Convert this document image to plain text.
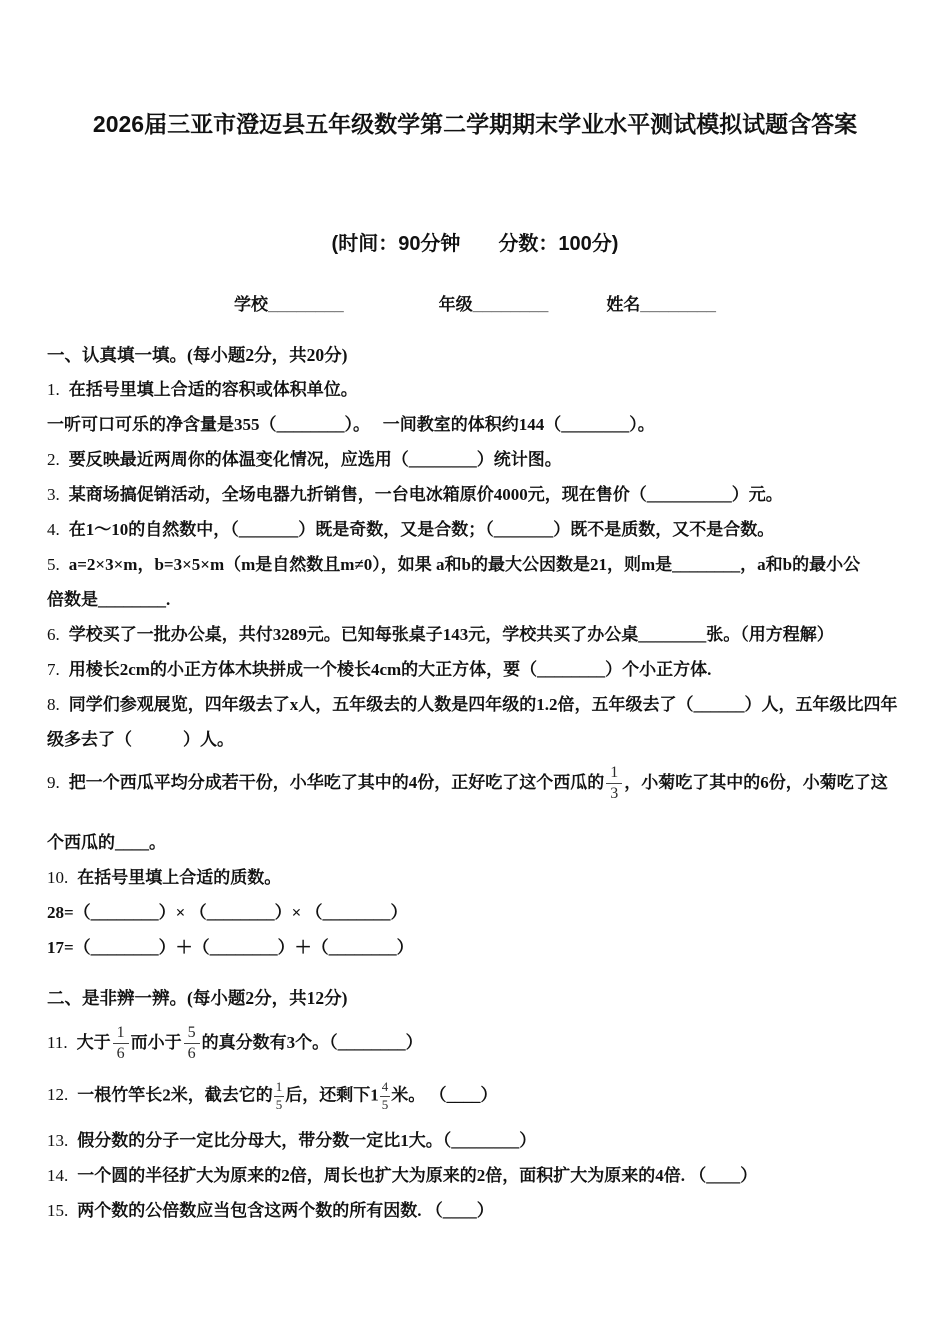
2026届三亚市澄迈县五年级数学第二学期期末学业水平测试模拟试题含答案
(时间：90分钟 分数：100分)
学校________	年级________	姓名________
一、认真填一填。(每小题2分，共20分)

1. 在括号里填上合适的容积或体积单位。

一听可口可乐的净含量是355（________）。　 一间教室的体积约144（________）。

2. 要反映最近两周你的体温变化情况，应选用（________）统计图。

3. 某商场搞促销活动，全场电器九折销售，一台电冰箱原价4000元，现在售价（__________）元。

4. 在1～10的自然数中，（_______）既是奇数，又是合数；（_______）既不是质数，又不是合数。

5. a=2×3×m，b=3×5×m（m是自然数且m≠0），如果 a和b的最大公因数是21，则m是________，a和b的最小公

倍数是________.

6. 学校买了一批办公桌，共付3289元。已知每张桌子143元，学校共买了办公桌________张。（用方程解）

7. 用棱长2cm的小正方体木块拼成一个棱长4cm的大正方体，要（________）个小正方体.

8. 同学们参观展览，四年级去了x人，五年级去的人数是四年级的1.2倍，五年级去了（______）人，五年级比四年

级多去了（　　　）人。

9. 把一个西瓜平均分成若干份，小华吃了其中的4份，正好吃了这个西瓜的 $\frac{1}{3}$ ，小菊吃了其中的6份，小菊吃了这

个西瓜的____。

10. 在括号里填上合适的质数。

28=（________）× （________）× （________）

17=（________）＋（________）＋（________）

二、是非辨一辨。(每小题2分，共12分)

11. 大于 $\frac{1}{6}$ 而小于 $\frac{5}{6}$ 的真分数有3个。（________）

12. 一根竹竿长2米，截去它的 $\frac{1}{5}$ 后，还剩下$1 \frac{4}{5}$ 米。 （____）

13. 假分数的分子一定比分母大，带分数一定比1大。（________）

14. 一个圆的半径扩大为原来的2倍，周长也扩大为原来的2倍，面积扩大为原来的4倍. （____）

15. 两个数的公倍数应当包含这两个数的所有因数. （____）
